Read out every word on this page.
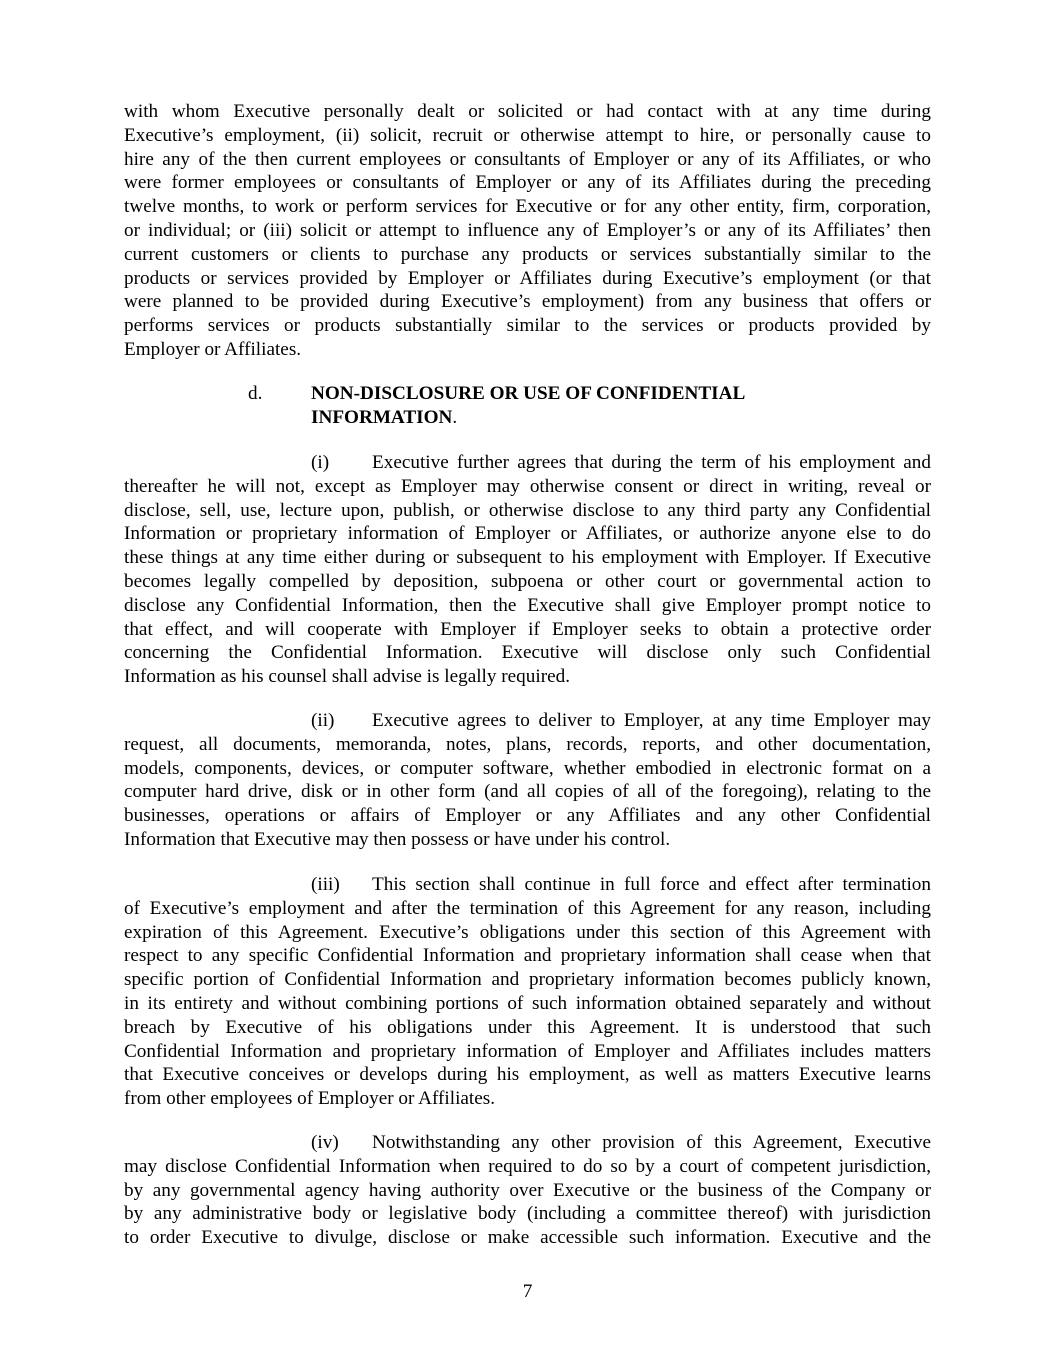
with whom Executive personally dealt or solicited or had contact with at any time during
Executive’s employment, (ii) solicit, recruit or otherwise attempt to hire, or personally cause to
hire any of the then current employees or consultants of Employer or any of its Affiliates, or who
were former employees or consultants of Employer or any of its Affiliates during the preceding
twelve months, to work or perform services for Executive or for any other entity, firm, corporation,
or individual; or (iii) solicit or attempt to influence any of Employer’s or any of its Affiliates’ then
current customers or clients to purchase any products or services substantially similar to the
products or services provided by Employer or Affiliates during Executive’s employment (or that
were planned to be provided during Executive’s employment) from any business that offers or
performs services or products substantially similar to the services or products provided by
Employer or Affiliates.
d.	NON-DISCLOSURE OR USE OF CONFIDENTIAL
INFORMATION.
(i)	Executive further agrees that during the term of his employment and
thereafter he will not, except as Employer may otherwise consent or direct in writing, reveal or
disclose, sell, use, lecture upon, publish, or otherwise disclose to any third party any Confidential
Information or proprietary information of Employer or Affiliates, or authorize anyone else to do
these things at any time either during or subsequent to his employment with Employer. If Executive
becomes legally compelled by deposition, subpoena or other court or governmental action to
disclose any Confidential Information, then the Executive shall give Employer prompt notice to
that effect, and will cooperate with Employer if Employer seeks to obtain a protective order
concerning the Confidential Information. Executive will disclose only such Confidential
Information as his counsel shall advise is legally required.
(ii)	Executive agrees to deliver to Employer, at any time Employer may
request, all documents, memoranda, notes, plans, records, reports, and other documentation,
models, components, devices, or computer software, whether embodied in electronic format on a
computer hard drive, disk or in other form (and all copies of all of the foregoing), relating to the
businesses, operations or affairs of Employer or any Affiliates and any other Confidential
Information that Executive may then possess or have under his control.
(iii)	This section shall continue in full force and effect after termination
of Executive’s employment and after the termination of this Agreement for any reason, including
expiration of this Agreement. Executive’s obligations under this section of this Agreement with
respect to any specific Confidential Information and proprietary information shall cease when that
specific portion of Confidential Information and proprietary information becomes publicly known,
in its entirety and without combining portions of such information obtained separately and without
breach by Executive of his obligations under this Agreement. It is understood that such
Confidential Information and proprietary information of Employer and Affiliates includes matters
that Executive conceives or develops during his employment, as well as matters Executive learns
from other employees of Employer or Affiliates.
(iv)	Notwithstanding any other provision of this Agreement, Executive
may disclose Confidential Information when required to do so by a court of competent jurisdiction,
by any governmental agency having authority over Executive or the business of the Company or
by any administrative body or legislative body (including a committee thereof) with jurisdiction
to order Executive to divulge, disclose or make accessible such information. Executive and the
7
